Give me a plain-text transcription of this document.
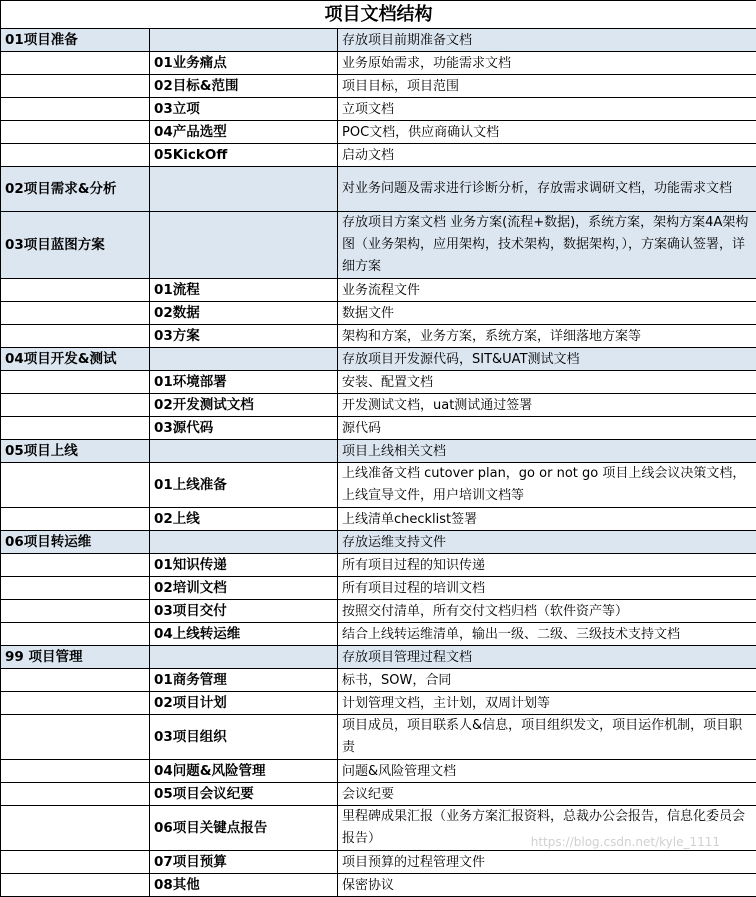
项目文档结构		
01项目准备		存放项目前期准备文档
	01业务痛点	业务原始需求，功能需求文档
	02目标&范围	项目目标，项目范围
	03立项	立项文档
	04产品选型	POC文档，供应商确认文档
	05KickOff	启动文档
02项目需求&分析		对业务问题及需求进行诊断分析，存放需求调研文档，功能需求文档
03项目蓝图方案		存放项目方案文档 业务方案(流程+数据)，系统方案，架构方案4A架构图（业务架构，应用架构，技术架构，数据架构，），方案确认签署，详细方案
	01流程	业务流程文件
	02数据	数据文件
	03方案	架构和方案，业务方案，系统方案，详细落地方案等
04项目开发&测试		存放项目开发源代码，SIT&UAT测试文档
	01环境部署	安装、配置文档
	02开发测试文档	开发测试文档，uat测试通过签署
	03源代码	源代码
05项目上线		项目上线相关文档
	01上线准备	上线准备文档 cutover plan，go or not go 项目上线会议决策文档，上线宣导文件，用户培训文档等
	02上线	上线清单checklist签署
06项目转运维		存放运维支持文件
	01知识传递	所有项目过程的知识传递
	02培训文档	所有项目过程的培训文档
	03项目交付	按照交付清单，所有交付文档归档（软件资产等）
	04上线转运维	结合上线转运维清单，输出一级、二级、三级技术支持文档
99 项目管理		存放项目管理过程文档
	01商务管理	标书，SOW，合同
	02项目计划	计划管理文档，主计划，双周计划等
	03项目组织	项目成员，项目联系人&信息，项目组织发文，项目运作机制，项目职责
	04问题&风险管理	问题&风险管理文档
	05项目会议纪要	会议纪要
	06项目关键点报告	里程碑成果汇报（业务方案汇报资料，总裁办公会报告，信息化委员会报告）
	07项目预算	项目预算的过程管理文件
	08其他	保密协议
https://blog.csdn.net/kyle_1111
